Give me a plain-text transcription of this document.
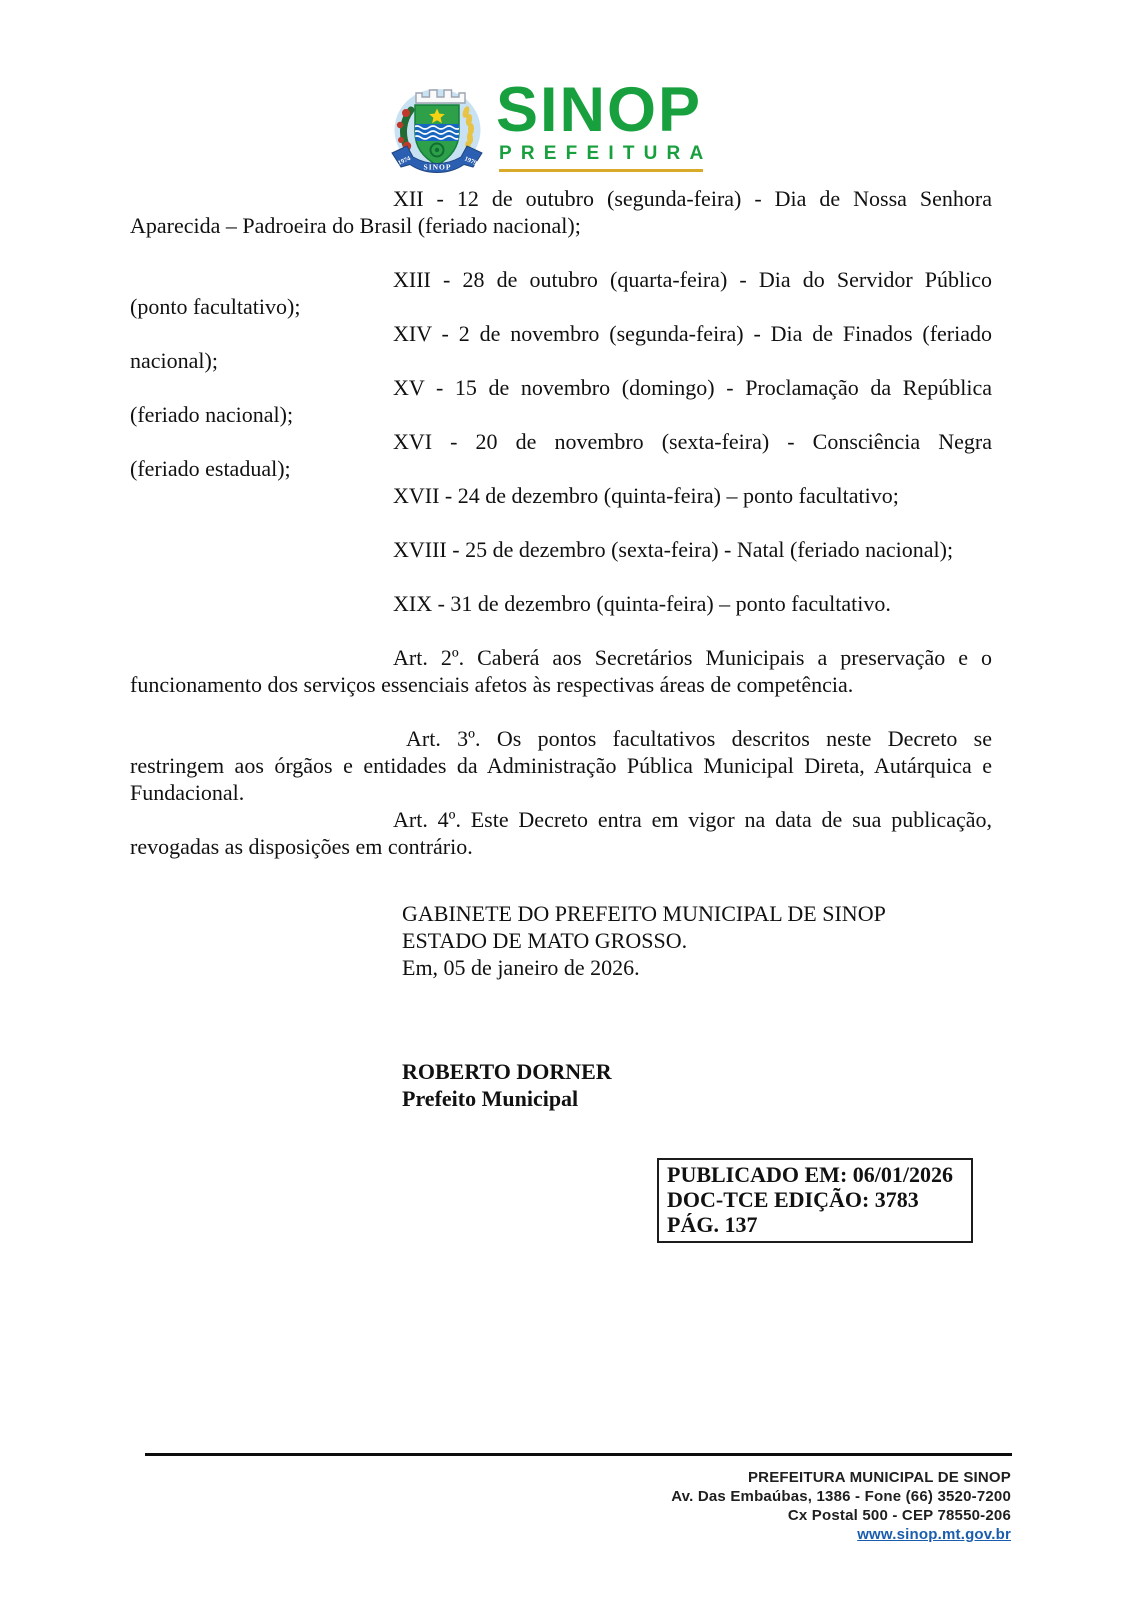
1974
SINOP 1979
SINOP
PREFEITURA
XII - 12 de outubro (segunda-feira) - Dia de Nossa Senhora
Aparecida – Padroeira do Brasil (feriado nacional);
XIII - 28 de outubro (quarta-feira) - Dia do Servidor Público
(ponto facultativo);
XIV - 2 de novembro (segunda-feira) - Dia de Finados (feriado
nacional);
XV - 15 de novembro (domingo) - Proclamação da República
(feriado nacional);
XVI - 20 de novembro (sexta-feira) - Consciência Negra
(feriado estadual);
XVII - 24 de dezembro (quinta-feira) – ponto facultativo;
XVIII - 25 de dezembro (sexta-feira) - Natal (feriado nacional);
XIX - 31 de dezembro (quinta-feira) – ponto facultativo.
Art. 2º. Caberá aos Secretários Municipais a preservação e o
funcionamento dos serviços essenciais afetos às respectivas áreas de competência.
Art. 3º. Os pontos facultativos descritos neste Decreto se
restringem aos órgãos e entidades da Administração Pública Municipal Direta, Autárquica e
Fundacional.
Art. 4º. Este Decreto entra em vigor na data de sua publicação,
revogadas as disposições em contrário.
GABINETE DO PREFEITO MUNICIPAL DE SINOP
ESTADO DE MATO GROSSO.
Em, 05 de janeiro de 2026.
ROBERTO DORNER
Prefeito Municipal
PUBLICADO EM: 06/01/2026
DOC-TCE EDIÇÃO: 3783
PÁG. 137
PREFEITURA MUNICIPAL DE SINOP
Av. Das Embaúbas, 1386 - Fone (66) 3520-7200
Cx Postal 500 - CEP 78550-206
www.sinop.mt.gov.br
